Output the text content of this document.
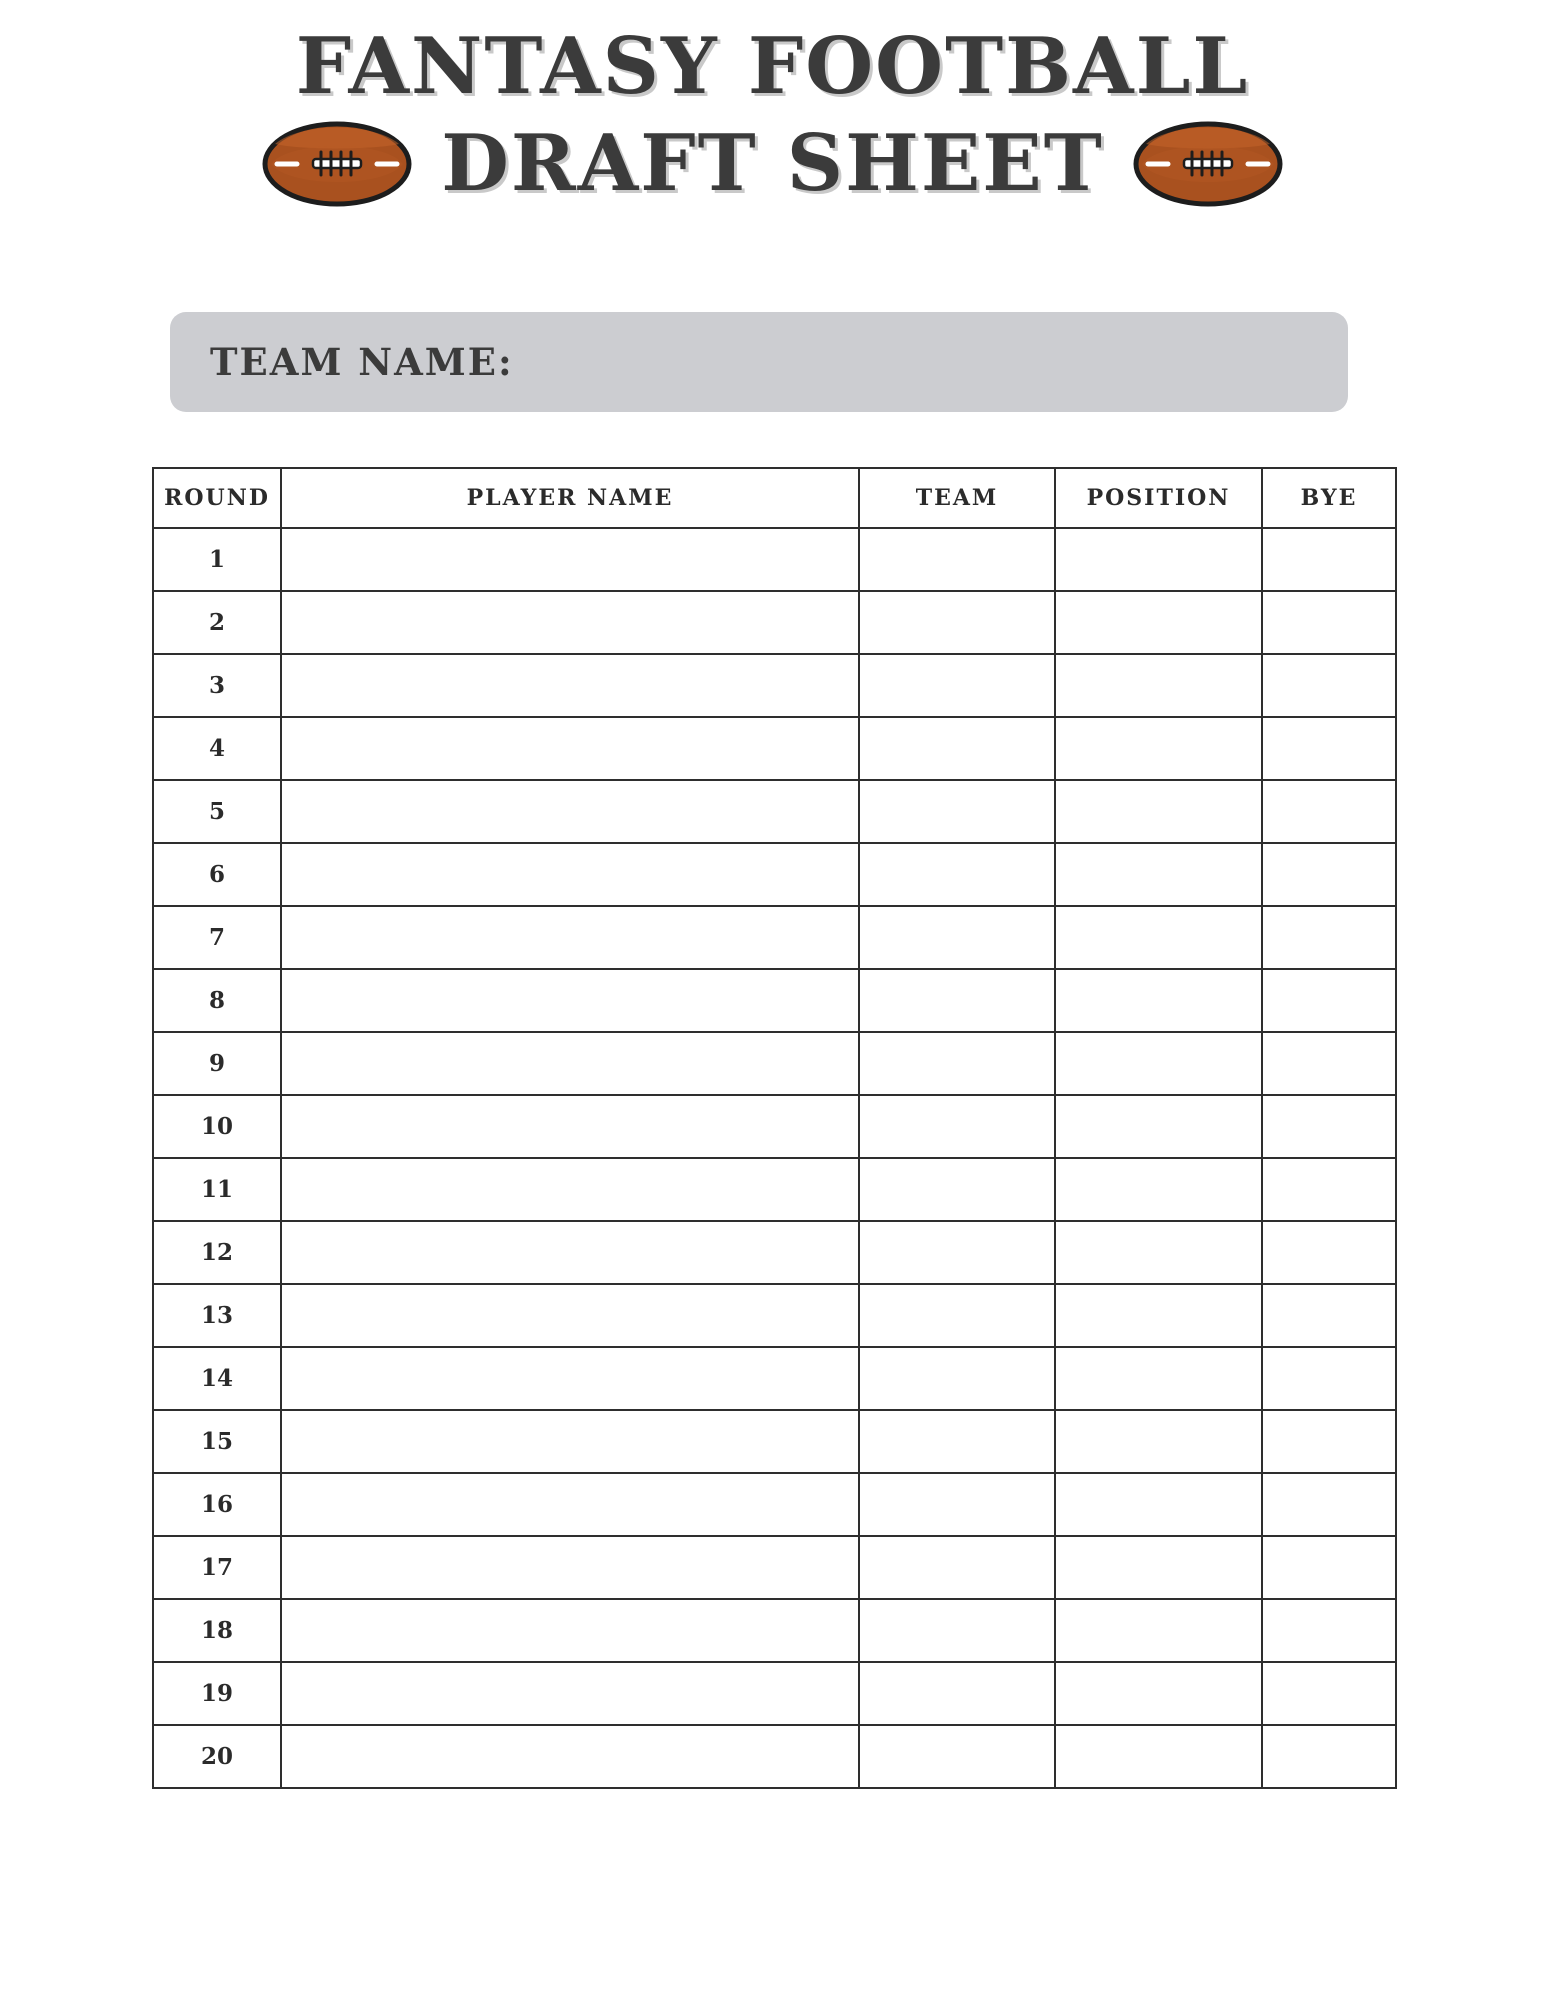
FANTASY FOOTBALL
DRAFT SHEET
TEAM NAME:
ROUND	PLAYER NAME	TEAM	POSITION	BYE
1				
2				
3				
4				
5				
6				
7				
8				
9				
10				
11				
12				
13				
14				
15				
16				
17				
18				
19				
20				
